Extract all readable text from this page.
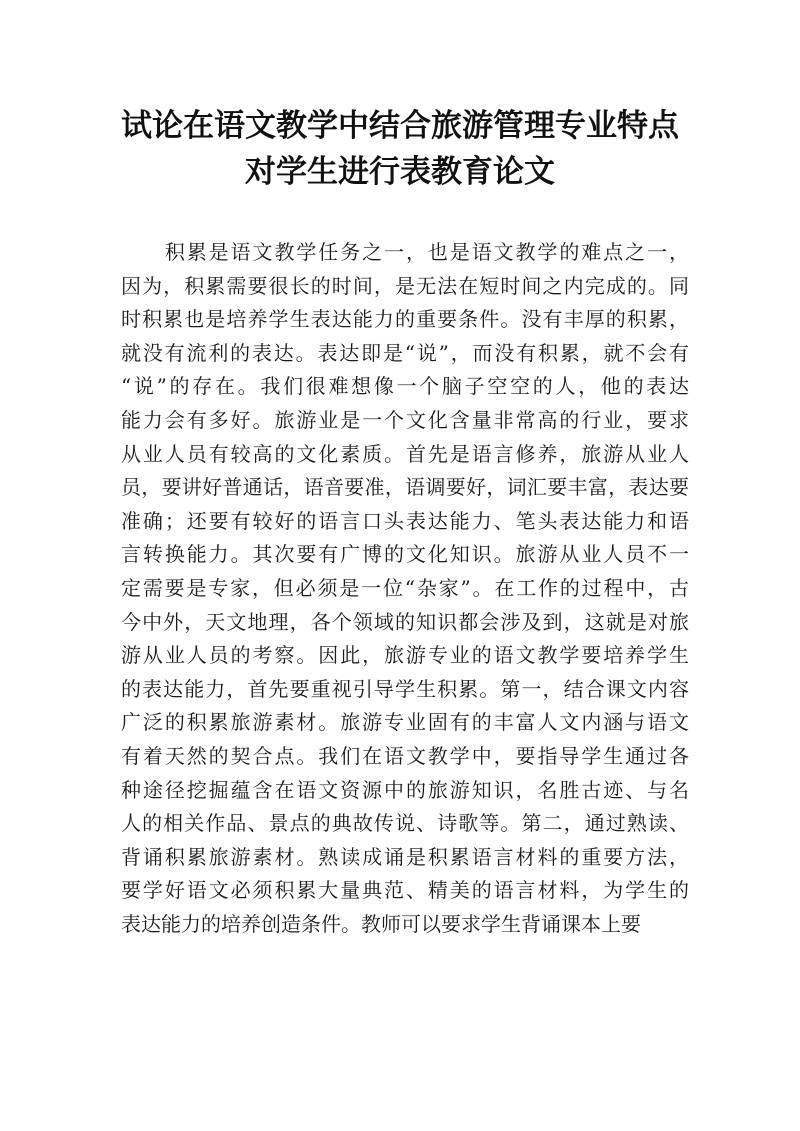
试论在语文教学中结合旅游管理专业特点
对学生进行表教育论文
　　积累是语文教学任务之一，也是语文教学的难点之一，
因为，积累需要很长的时间，是无法在短时间之内完成的。同
时积累也是培养学生表达能力的重要条件。没有丰厚的积累，
就没有流利的表达。表达即是“说”，而没有积累，就不会有
“说”的存在。我们很难想像一个脑子空空的人，他的表达
能力会有多好。旅游业是一个文化含量非常高的行业，要求
从业人员有较高的文化素质。首先是语言修养，旅游从业人
员，要讲好普通话，语音要准，语调要好，词汇要丰富，表达要
准确；还要有较好的语言口头表达能力、笔头表达能力和语
言转换能力。其次要有广博的文化知识。旅游从业人员不一
定需要是专家，但必须是一位“杂家”。在工作的过程中，古
今中外，天文地理，各个领域的知识都会涉及到，这就是对旅
游从业人员的考察。因此，旅游专业的语文教学要培养学生
的表达能力，首先要重视引导学生积累。第一，结合课文内容
广泛的积累旅游素材。旅游专业固有的丰富人文内涵与语文
有着天然的契合点。我们在语文教学中，要指导学生通过各
种途径挖掘蕴含在语文资源中的旅游知识，名胜古迹、与名
人的相关作品、景点的典故传说、诗歌等。第二，通过熟读、
背诵积累旅游素材。熟读成诵是积累语言材料的重要方法，
要学好语文必须积累大量典范、精美的语言材料，为学生的
表达能力的培养创造条件。教师可以要求学生背诵课本上要
